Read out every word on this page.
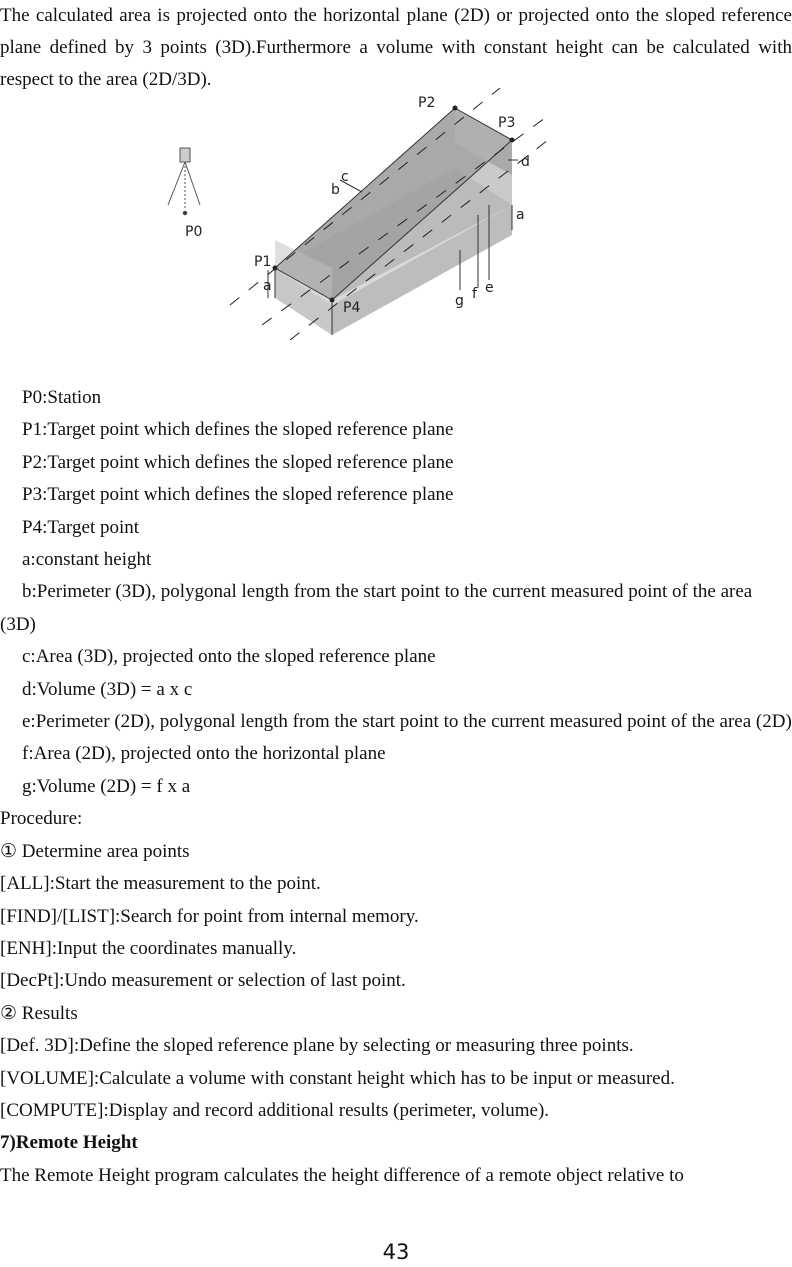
The calculated area is projected onto the horizontal plane (2D) or projected onto the sloped reference plane defined by 3 points (3D).Furthermore a volume with constant height can be calculated with respect to the area (2D/3D).

P0
P1
P2
P3
P4
a
a
b
c
d
e
f
g

P0:Station

P1:Target point which defines the sloped reference plane

P2:Target point which defines the sloped reference plane

P3:Target point which defines the sloped reference plane

P4:Target point

a:constant height

b:Perimeter (3D), polygonal length from the start point to the current measured point of the area (3D)

c:Area (3D), projected onto the sloped reference plane

d:Volume (3D) = a x c

e:Perimeter (2D), polygonal length from the start point to the current measured point of the area (2D)

f:Area (2D), projected onto the horizontal plane

g:Volume (2D) = f x a

Procedure:

① Determine area points

[ALL]:Start the measurement to the point.

[FIND]/[LIST]:Search for point from internal memory.

[ENH]:Input the coordinates manually.

[DecPt]:Undo measurement or selection of last point.

② Results

[Def. 3D]:Define the sloped reference plane by selecting or measuring three points.

[VOLUME]:Calculate a volume with constant height which has to be input or measured.

[COMPUTE]:Display and record additional results (perimeter, volume).

7)Remote Height

The Remote Height program calculates the height difference of a remote object relative to

43
